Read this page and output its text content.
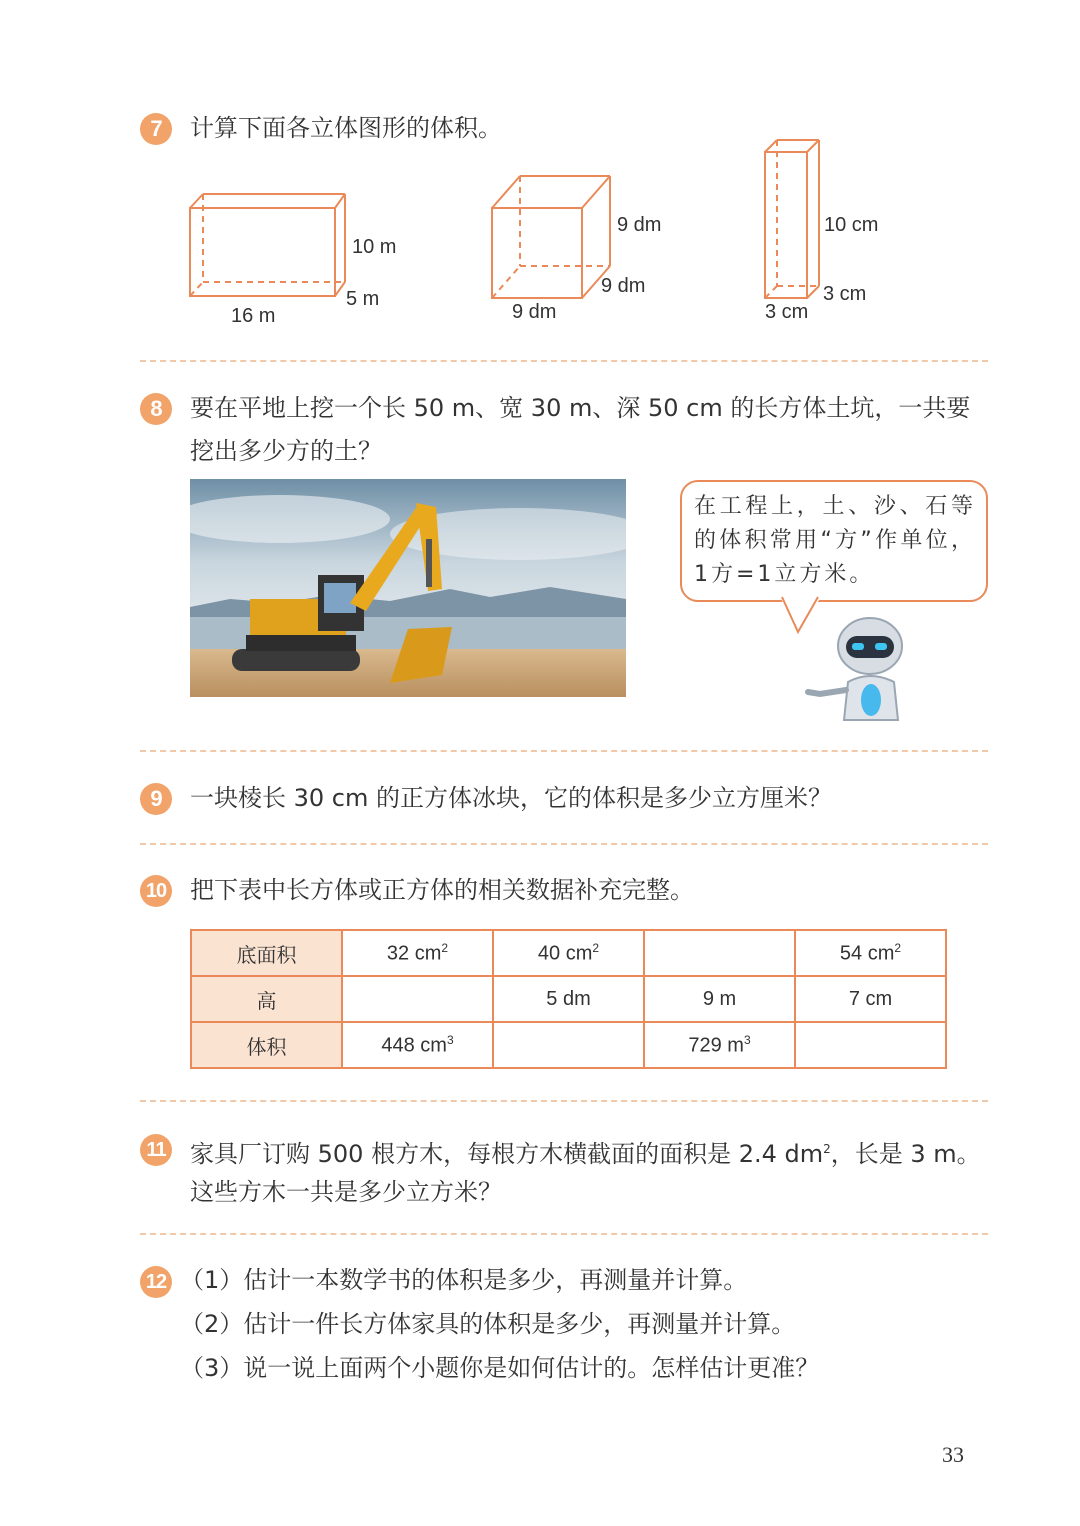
7	计算下面各立体图形的体积。
10 m
5 m
16 m
9 dm
9 dm
9 dm
10 cm
3 cm
3 cm
8	要在平地上挖一个长 50 m、宽 30 m、深 50 cm 的长方体土坑，一共要
挖出多少方的土？
在工程上，土、沙、石等的体积常用“方”作单位，1方=1立方米。
9	一块棱长 30 cm 的正方体冰块，它的体积是多少立方厘米？
10 把下表中长方体或正方体的相关数据补充完整。
底面积	32 $cm^2$	40 $cm^2$		54 $cm^2$
高		5 dm	9 m	7 cm
体积	448 $cm^3$		729 $m^3$	
11 家具厂订购 500 根方木，每根方木横截面的面积是 2.4 $dm^2$，长是 3 m。
这些方木一共是多少立方米？
12 （1）估计一本数学书的体积是多少，再测量并计算。
（2）估计一件长方体家具的体积是多少，再测量并计算。
（3）说一说上面两个小题你是如何估计的。怎样估计更准？
33
